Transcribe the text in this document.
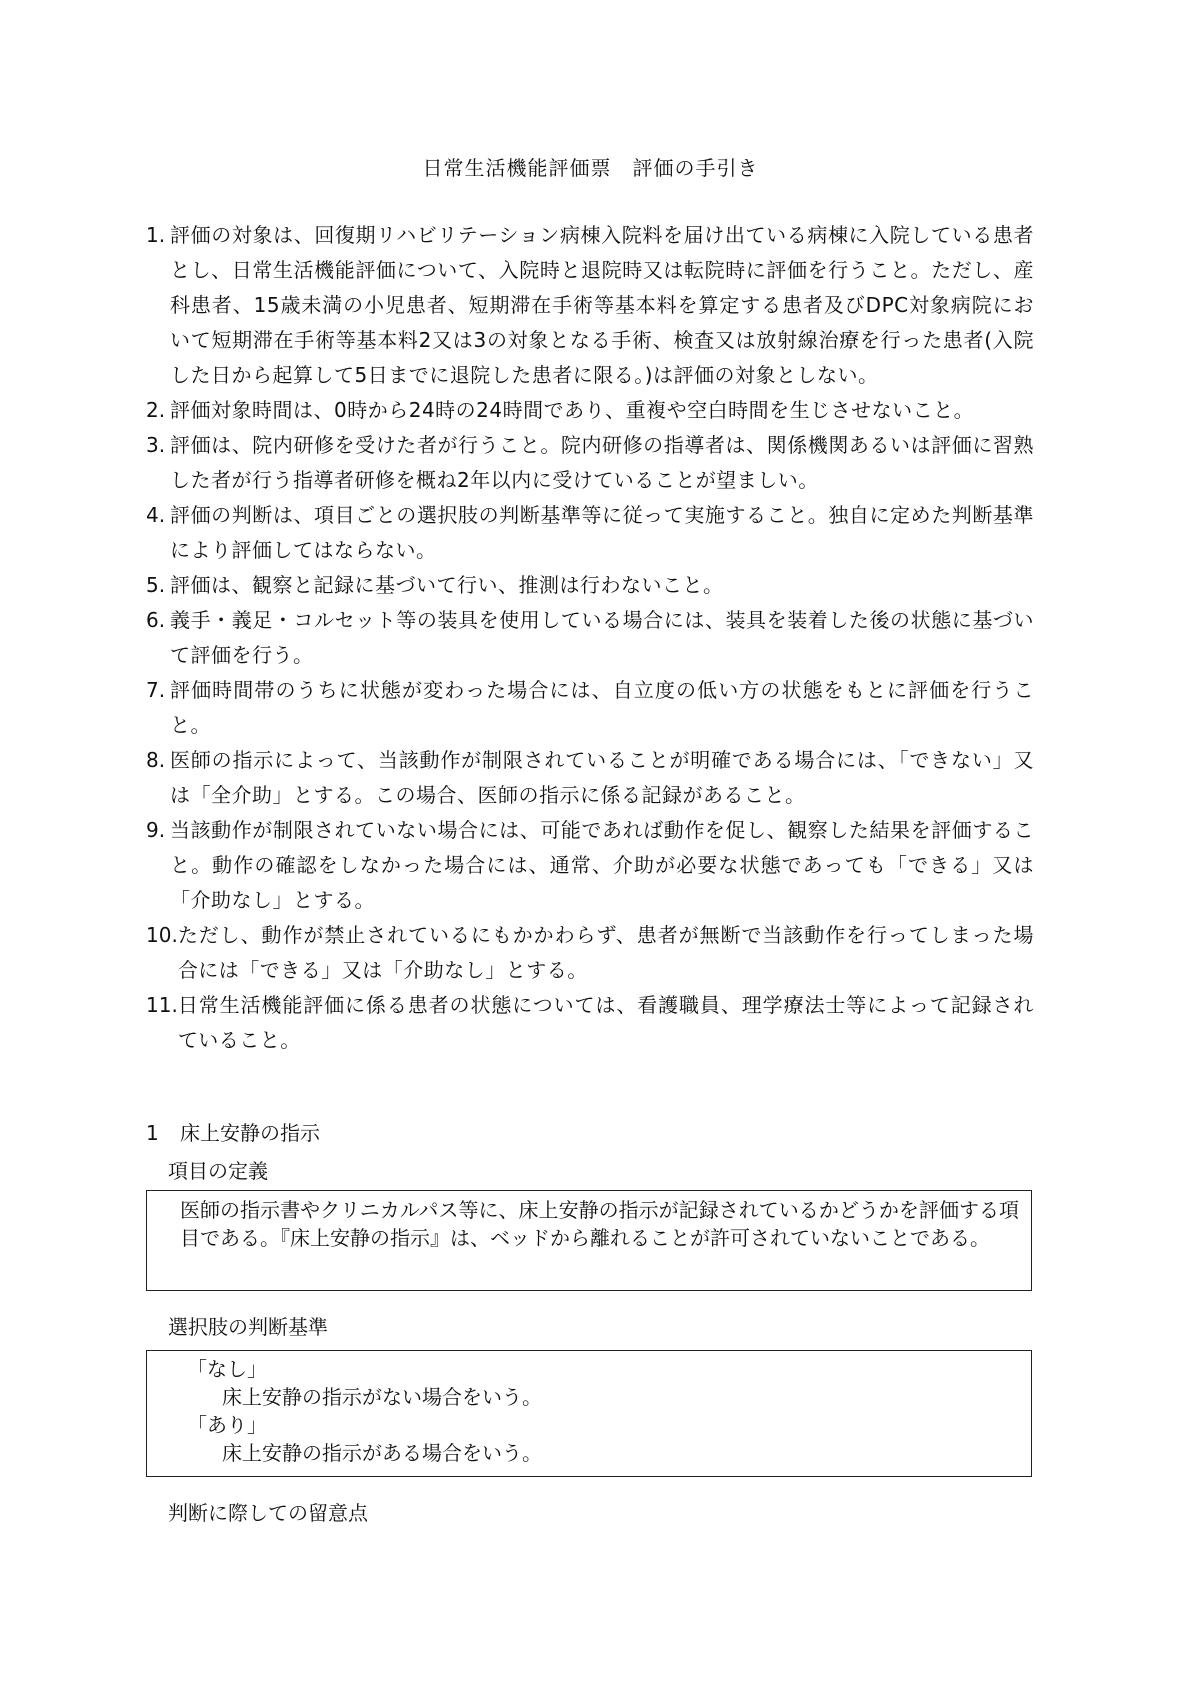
日常生活機能評価票　評価の手引き
1. 評価の対象は、回復期リハビリテーション病棟入院料を届け出ている病棟に入院している患者とし、日常生活機能評価について、入院時と退院時又は転院時に評価を行うこと。ただし、産科患者、15歳未満の小児患者、短期滞在手術等基本料を算定する患者及びDPC対象病院において短期滞在手術等基本料2又は3の対象となる手術、検査又は放射線治療を行った患者(入院した日から起算して5日までに退院した患者に限る。)は評価の対象としない。
2. 評価対象時間は、0時から24時の24時間であり、重複や空白時間を生じさせないこと。
3. 評価は、院内研修を受けた者が行うこと。院内研修の指導者は、関係機関あるいは評価に習熟した者が行う指導者研修を概ね2年以内に受けていることが望ましい。
4. 評価の判断は、項目ごとの選択肢の判断基準等に従って実施すること。独自に定めた判断基準により評価してはならない。
5. 評価は、観察と記録に基づいて行い、推測は行わないこと。
6. 義手・義足・コルセット等の装具を使用している場合には、装具を装着した後の状態に基づいて評価を行う。
7. 評価時間帯のうちに状態が変わった場合には、自立度の低い方の状態をもとに評価を行うこと。
8. 医師の指示によって、当該動作が制限されていることが明確である場合には、「できない」又は「全介助」とする。この場合、医師の指示に係る記録があること。
9. 当該動作が制限されていない場合には、可能であれば動作を促し、観察した結果を評価すること。動作の確認をしなかった場合には、通常、介助が必要な状態であっても「できる」又は「介助なし」とする。
10. ただし、動作が禁止されているにもかかわらず、患者が無断で当該動作を行ってしまった場合には「できる」又は「介助なし」とする。
11. 日常生活機能評価に係る患者の状態については、看護職員、理学療法士等によって記録されていること。
1 床上安静の指示
項目の定義
医師の指示書やクリニカルパス等に、床上安静の指示が記録されているかどうかを評価する項目である。『床上安静の指示』は、ベッドから離れることが許可されていないことである。
選択肢の判断基準
「なし」
床上安静の指示がない場合をいう。
「あり」
床上安静の指示がある場合をいう。
判断に際しての留意点
